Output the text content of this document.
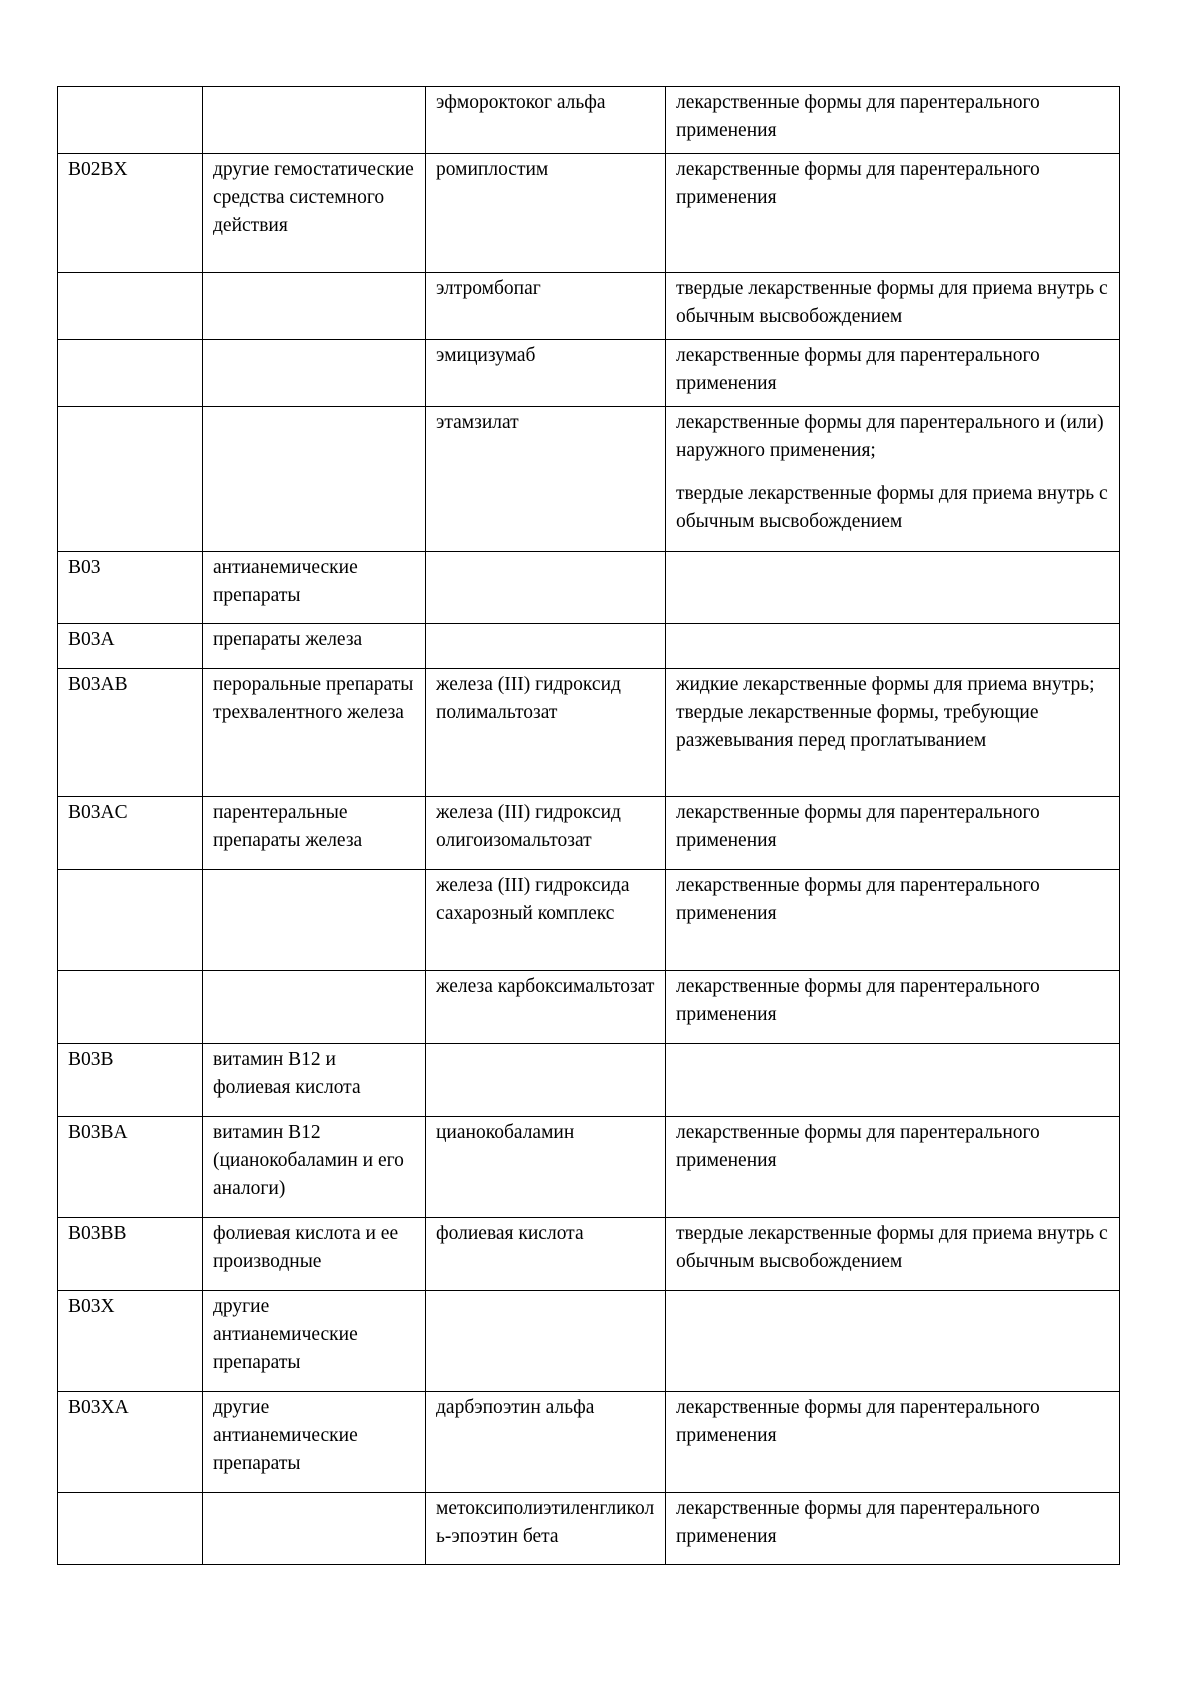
		эфмороктоког альфа	лекарственные формы для парентерального применения

B02BX	другие гемостатические средства системного действия	ромиплостим	лекарственные формы для парентерального применения

		элтромбопаг	твердые лекарственные формы для приема внутрь с обычным высвобождением

		эмицизумаб	лекарственные формы для парентерального применения

		этамзилат	лекарственные формы для парентерального и (или) наружного применения;
твердые лекарственные формы для приема внутрь с обычным высвобождением

B03	антианемические препараты		
B03A	препараты железа		
B03AB	пероральные препараты трехвалентного железа	железа (III) гидроксид полимальтозат	жидкие лекарственные формы для приема внутрь; твердые лекарственные формы, требующие разжевывания перед проглатыванием

B03AC	парентеральные препараты железа	железа (III) гидроксид олигоизомальтозат	лекарственные формы для парентерального применения

		железа (III) гидроксида сахарозный комплекс	лекарственные формы для парентерального применения

		железа карбоксимальтозат	лекарственные формы для парентерального применения

B03B	витамин B12 и фолиевая кислота		
B03BA	витамин B12 (цианокобаламин и его аналоги)	цианокобаламин	лекарственные формы для парентерального применения

B03BB	фолиевая кислота и ее производные	фолиевая кислота	твердые лекарственные формы для приема внутрь с обычным высвобождением

B03X	другие антианемические препараты		
B03XA	другие антианемические препараты	дарбэпоэтин альфа	лекарственные формы для парентерального применения

		метоксиполиэтиленгликоль-эпоэтин бета	лекарственные формы для парентерального применения
